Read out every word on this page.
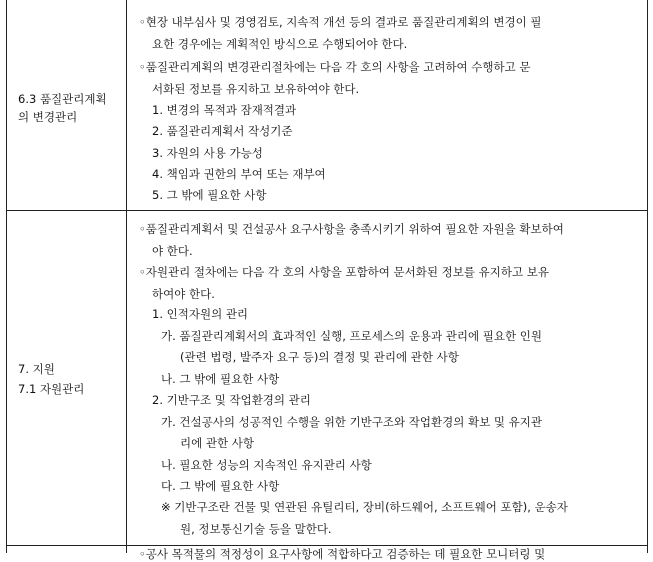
6.3 품질관리계획
의 변경관리
◦현장 내부심사 및 경영검토, 지속적 개선 등의 결과로 품질관리계획의 변경이 필
요한 경우에는 계획적인 방식으로 수행되어야 한다.
◦품질관리계획의 변경관리절차에는 다음 각 호의 사항을 고려하여 수행하고 문
서화된 정보를 유지하고 보유하여야 한다.
1. 변경의 목적과 잠재적결과
2. 품질관리계획서 작성기준
3. 자원의 사용 가능성
4. 책임과 권한의 부여 또는 재부여
5. 그 밖에 필요한 사항
7. 지원
7.1 자원관리
◦품질관리계획서 및 건설공사 요구사항을 충족시키기 위하여 필요한 자원을 확보하여
야 한다.
◦자원관리 절차에는 다음 각 호의 사항을 포함하여 문서화된 정보를 유지하고 보유
하여야 한다.
1. 인적자원의 관리
가. 품질관리계획서의 효과적인 실행, 프로세스의 운용과 관리에 필요한 인원
(관련 법령, 발주자 요구 등)의 결정 및 관리에 관한 사항
나. 그 밖에 필요한 사항
2. 기반구조 및 작업환경의 관리
가. 건설공사의 성공적인 수행을 위한 기반구조와 작업환경의 확보 및 유지관
리에 관한 사항
나. 필요한 성능의 지속적인 유지관리 사항
다. 그 밖에 필요한 사항
※ 기반구조란 건물 및 연관된 유틸리티, 장비(하드웨어, 소프트웨어 포함), 운송자
원, 정보통신기술 등을 말한다.
◦공사 목적물의 적정성이 요구사항에 적합하다고 검증하는 데 필요한 모니터링 및
